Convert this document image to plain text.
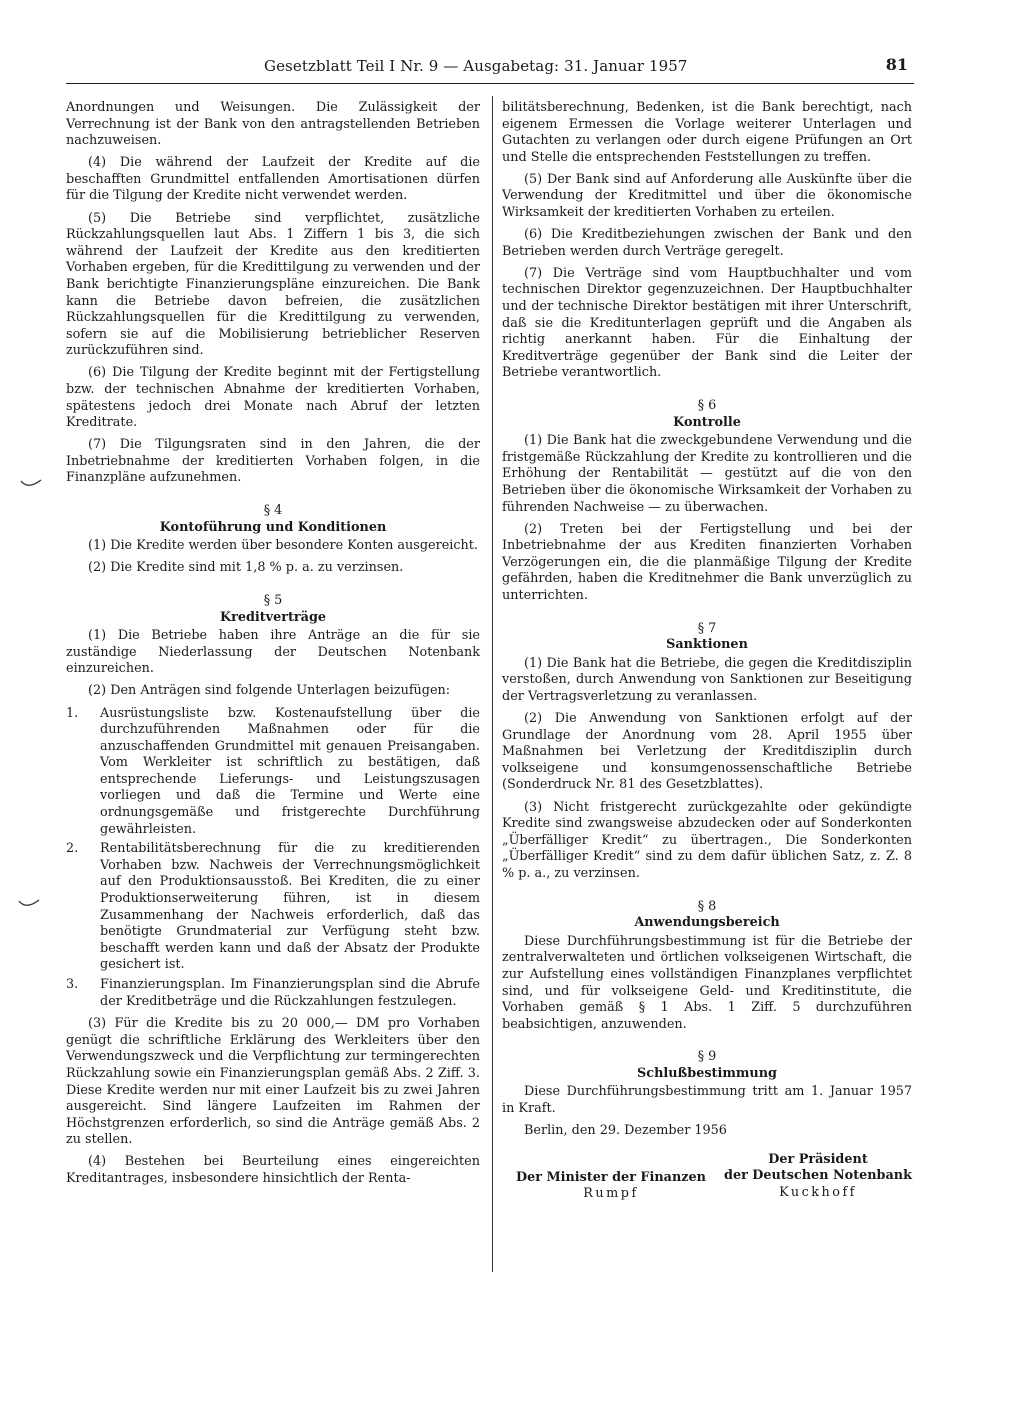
Gesetzblatt Teil I Nr. 9 — Ausgabetag: 31. Januar 1957	81

Anordnungen und Weisungen. Die Zulässigkeit der Verrechnung ist der Bank von den antragstellenden Betrieben nachzuweisen.

(4) Die während der Laufzeit der Kredite auf die beschafften Grundmittel entfallenden Amortisationen dürfen für die Tilgung der Kredite nicht verwendet werden.

(5) Die Betriebe sind verpflichtet, zusätzliche Rückzahlungsquellen laut Abs. 1 Ziffern 1 bis 3, die sich während der Laufzeit der Kredite aus den kreditierten Vorhaben ergeben, für die Kredittilgung zu verwenden und der Bank berichtigte Finanzierungspläne einzureichen. Die Bank kann die Betriebe davon befreien, die zusätzlichen Rückzahlungsquellen für die Kredittilgung zu verwenden, sofern sie auf die Mobilisierung betrieblicher Reserven zurückzuführen sind.

(6) Die Tilgung der Kredite beginnt mit der Fertigstellung bzw. der technischen Abnahme der kreditierten Vorhaben, spätestens jedoch drei Monate nach Abruf der letzten Kreditrate.

(7) Die Tilgungsraten sind in den Jahren, die der Inbetriebnahme der kreditierten Vorhaben folgen, in die Finanzpläne aufzunehmen.

§ 4
Kontoführung und Konditionen

(1) Die Kredite werden über besondere Konten ausgereicht.

(2) Die Kredite sind mit 1,8 % p. a. zu verzinsen.

§ 5
Kreditverträge

(1) Die Betriebe haben ihre Anträge an die für sie zuständige Niederlassung der Deutschen Notenbank einzureichen.

(2) Den Anträgen sind folgende Unterlagen beizufügen:

1.	Ausrüstungsliste bzw. Kostenaufstellung über die durchzuführenden Maßnahmen oder für die anzuschaffenden Grundmittel mit genauen Preisangaben. Vom Werkleiter ist schriftlich zu bestätigen, daß entsprechende Lieferungs- und Leistungszusagen vorliegen und daß die Termine und Werte eine ordnungsgemäße und fristgerechte Durchführung gewährleisten.
2.	Rentabilitätsberechnung für die zu kreditierenden Vorhaben bzw. Nachweis der Verrechnungsmöglichkeit auf den Produktionsausstoß. Bei Krediten, die zu einer Produktionserweiterung führen, ist in diesem Zusammenhang der Nachweis erforderlich, daß das benötigte Grundmaterial zur Verfügung steht bzw. beschafft werden kann und daß der Absatz der Produkte gesichert ist.
3.	Finanzierungsplan. Im Finanzierungsplan sind die Abrufe der Kreditbeträge und die Rückzahlungen festzulegen.

(3) Für die Kredite bis zu 20 000,— DM pro Vorhaben genügt die schriftliche Erklärung des Werkleiters über den Verwendungszweck und die Verpflichtung zur termingerechten Rückzahlung sowie ein Finanzierungsplan gemäß Abs. 2 Ziff. 3. Diese Kredite werden nur mit einer Laufzeit bis zu zwei Jahren ausgereicht. Sind längere Laufzeiten im Rahmen der Höchstgrenzen erforderlich, so sind die Anträge gemäß Abs. 2 zu stellen.

(4) Bestehen bei Beurteilung eines eingereichten Kreditantrages, insbesondere hinsichtlich der Renta-

bilitätsberechnung, Bedenken, ist die Bank berechtigt, nach eigenem Ermessen die Vorlage weiterer Unterlagen und Gutachten zu verlangen oder durch eigene Prüfungen an Ort und Stelle die entsprechenden Feststellungen zu treffen.

(5) Der Bank sind auf Anforderung alle Auskünfte über die Verwendung der Kreditmittel und über die ökonomische Wirksamkeit der kreditierten Vorhaben zu erteilen.

(6) Die Kreditbeziehungen zwischen der Bank und den Betrieben werden durch Verträge geregelt.

(7) Die Verträge sind vom Hauptbuchhalter und vom technischen Direktor gegenzuzeichnen. Der Hauptbuchhalter und der technische Direktor bestätigen mit ihrer Unterschrift, daß sie die Kreditunterlagen geprüft und die Angaben als richtig anerkannt haben. Für die Einhaltung der Kreditverträge gegenüber der Bank sind die Leiter der Betriebe verantwortlich.

§ 6
Kontrolle

(1) Die Bank hat die zweckgebundene Verwendung und die fristgemäße Rückzahlung der Kredite zu kontrollieren und die Erhöhung der Rentabilität — gestützt auf die von den Betrieben über die ökonomische Wirksamkeit der Vorhaben zu führenden Nachweise — zu überwachen.

(2) Treten bei der Fertigstellung und bei der Inbetriebnahme der aus Krediten finanzierten Vorhaben Verzögerungen ein, die die planmäßige Tilgung der Kredite gefährden, haben die Kreditnehmer die Bank unverzüglich zu unterrichten.

§ 7
Sanktionen

(1) Die Bank hat die Betriebe, die gegen die Kreditdisziplin verstoßen, durch Anwendung von Sanktionen zur Beseitigung der Vertragsverletzung zu veranlassen.

(2) Die Anwendung von Sanktionen erfolgt auf der Grundlage der Anordnung vom 28. April 1955 über Maßnahmen bei Verletzung der Kreditdisziplin durch volkseigene und konsumgenossenschaftliche Betriebe (Sonderdruck Nr. 81 des Gesetzblattes).

(3) Nicht fristgerecht zurückgezahlte oder gekündigte Kredite sind zwangsweise abzudecken oder auf Sonderkonten „Überfälliger Kredit“ zu übertragen., Die Sonderkonten „Überfälliger Kredit“ sind zu dem dafür üblichen Satz, z. Z. 8 % p. a., zu verzinsen.

§ 8
Anwendungsbereich

Diese Durchführungsbestimmung ist für die Betriebe der zentralverwalteten und örtlichen volkseigenen Wirtschaft, die zur Aufstellung eines vollständigen Finanzplanes verpflichtet sind, und für volkseigene Geld- und Kreditinstitute, die Vorhaben gemäß § 1 Abs. 1 Ziff. 5 durchzuführen beabsichtigen, anzuwenden.

§ 9
Schlußbestimmung

Diese Durchführungsbestimmung tritt am 1. Januar 1957 in Kraft.

Berlin, den 29. Dezember 1956

Der Minister der Finanzen
Rumpf
Der Präsident
der Deutschen Notenbank
Kuckhoff
